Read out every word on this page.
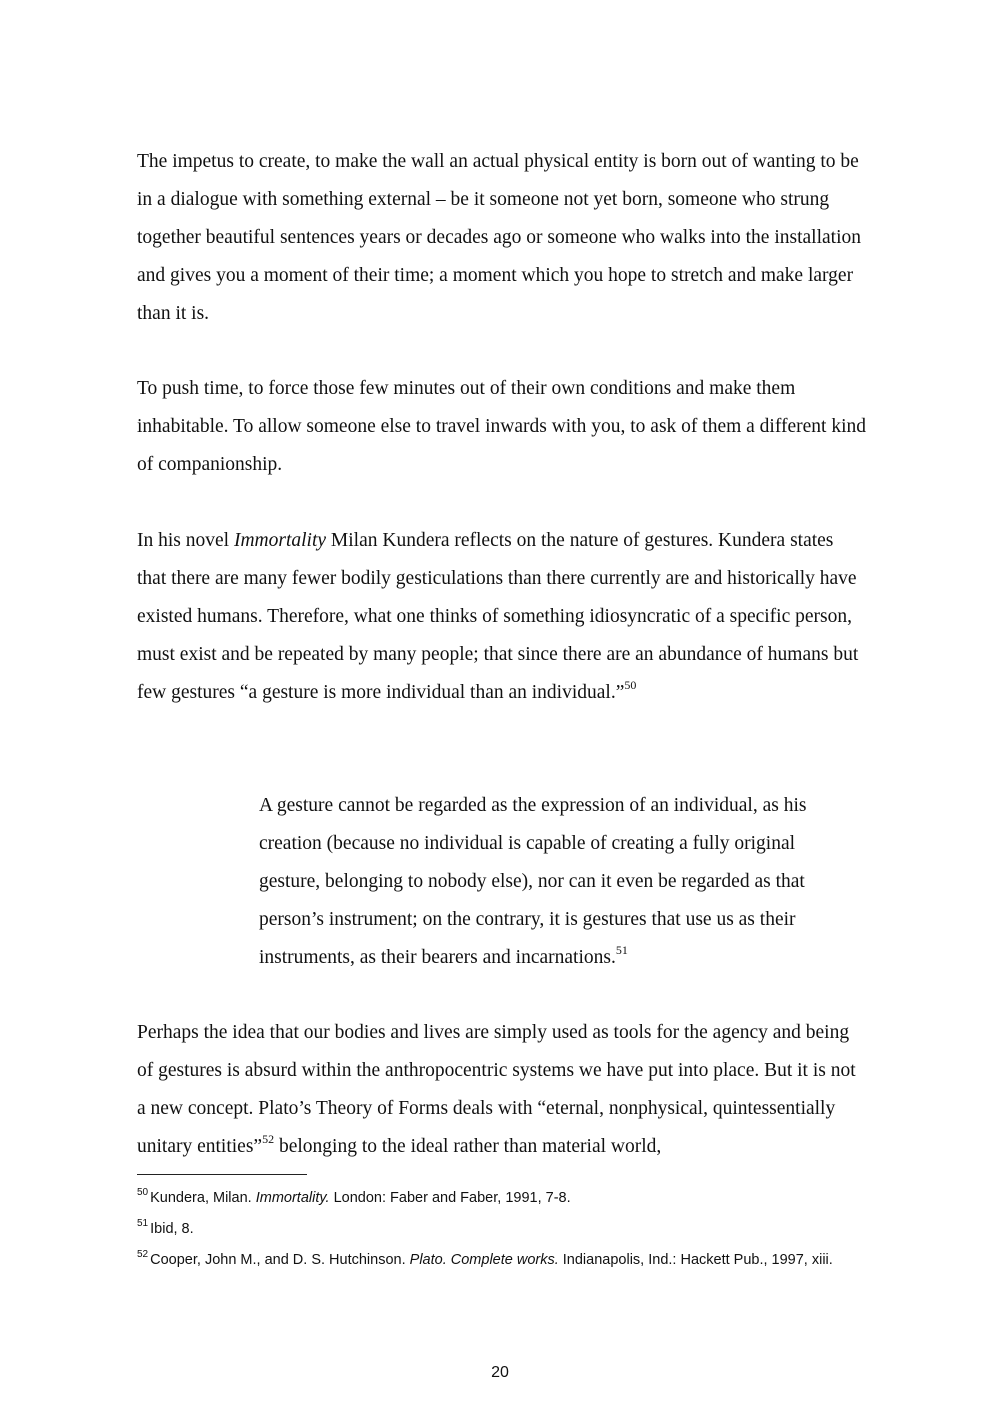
The impetus to create, to make the wall an actual physical entity is born out of wanting to be in a dialogue with something external – be it someone not yet born, someone who strung together beautiful sentences years or decades ago or someone who walks into the installation and gives you a moment of their time; a moment which you hope to stretch and make larger than it is.

To push time, to force those few minutes out of their own conditions and make them inhabitable. To allow someone else to travel inwards with you, to ask of them a different kind of companionship.

In his novel Immortality Milan Kundera reflects on the nature of gestures. Kundera states that there are many fewer bodily gesticulations than there currently are and historically have existed humans. Therefore, what one thinks of something idiosyncratic of a specific person, must exist and be repeated by many people; that since there are an abundance of humans but few gestures “a gesture is more individual than an individual.”$^{50}$

A gesture cannot be regarded as the expression of an individual, as his creation (because no individual is capable of creating a fully original gesture, belonging to nobody else), nor can it even be regarded as that person’s instrument; on the contrary, it is gestures that use us as their instruments, as their bearers and incarnations.$^{51}$

Perhaps the idea that our bodies and lives are simply used as tools for the agency and being of gestures is absurd within the anthropocentric systems we have put into place. But it is not a new concept. Plato’s Theory of Forms deals with “eternal, nonphysical, quintessentially unitary entities”$^{52}$ belonging to the ideal rather than material world,

$^{50}$ Kundera, Milan. Immortality. London: Faber and Faber, 1991, 7-8.

$^{51}$ Ibid, 8.

$^{52}$ Cooper, John M., and D. S. Hutchinson. Plato. Complete works. Indianapolis, Ind.: Hackett Pub., 1997, xiii.

20
